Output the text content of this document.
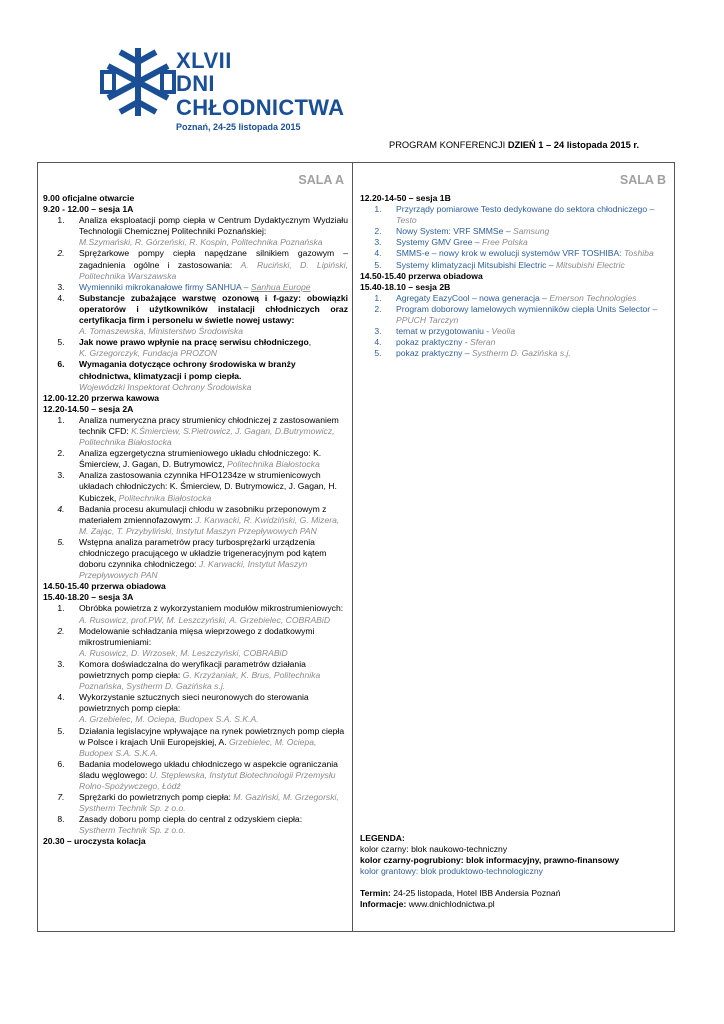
XLVII
DNI CHŁODNICTWA
Poznań, 24-25 listopada 2015
PROGRAM KONFERENCJI DZIEŃ 1 – 24 listopada 2015 r.
SALA A
9.00 oficjalne otwarcie
9.20 - 12.00 – sesja 1A
1.	Analiza eksploatacji pomp ciepła w Centrum Dydaktycznym Wydziału Technologii Chemicznej Politechniki Poznańskiej:
M.Szymański, R. Górzeński, R. Kospin, Politechnika Poznańska
2.	Sprężarkowe pompy ciepła napędzane silnikiem gazowym – zagadnienia ogólne i zastosowania: A. Ruciński, D. Lipiński, Politechnika Warszawska
3.	Wymienniki mikrokanałowe firmy SANHUA – Sanhua Europe
4.	Substancje zubażające warstwę ozonową i f-gazy: obowiązki operatorów i użytkowników instalacji chłodniczych oraz certyfikacja firm i personelu w świetle nowej ustawy:
A. Tomaszewska, Ministerstwo Środowiska
5.	Jak nowe prawo wpłynie na pracę serwisu chłodniczego,
K. Grzegorczyk, Fundacja PROZON
6.	Wymagania dotyczące ochrony środowiska w branży chłodnictwa, klimatyzacji i pomp ciepła.
Wojewódzki Inspektorat Ochrony Środowiska
12.00-12.20 przerwa kawowa
12.20-14.50 – sesja 2A
1.	Analiza numeryczna pracy strumienicy chłodniczej z zastosowaniem technik CFD: K.Śmierciew, S.Pietrowicz, J. Gagan, D.Butrymowicz, Politechnika Białostocka
2.	Analiza egzergetyczna strumieniowego układu chłodniczego: K. Śmierciew, J. Gagan, D. Butrymowicz, Politechnika Białostocka
3.	Analiza zastosowania czynnika HFO1234ze w strumienicowych układach chłodniczych: K. Śmierciew, D. Butrymowicz, J. Gagan, H. Kubiczek, Politechnika Białostocka
4.	Badania procesu akumulacji chłodu w zasobniku przeponowym z materiałem zmiennofazowym: J. Karwacki, R. Kwidziński, G. Mizera, M. Zając, T. Przybyliński, Instytut Maszyn Przepływowych PAN
5.	Wstępna analiza parametrów pracy turbosprężarki urządzenia chłodniczego pracującego w układzie trigeneracyjnym pod kątem doboru czynnika chłodniczego: J. Karwacki, Instytut Maszyn Przepływowych PAN
14.50-15.40 przerwa obiadowa
15.40-18.20 – sesja 3A
1.	Obróbka powietrza z wykorzystaniem modułów mikrostrumieniowych: A. Rusowicz, prof.PW, M. Leszczyński, A. Grzebielec, COBRABiD
2.	Modelowanie schładzania mięsa wieprzowego z dodatkowymi mikrostrumieniami:
A. Rusowicz, D. Wrzosek, M. Leszczyński, COBRABiD
3.	Komora doświadczalna do weryfikacji parametrów działania powietrznych pomp ciepła: G. Krzyżaniak, K. Brus, Politechnika Poznańska, Systherm D. Gazińska s.j.
4.	Wykorzystanie sztucznych sieci neuronowych do sterowania powietrznych pomp ciepła:
A. Grzebielec, M. Ociepa, Budopex S.A. S.K.A.
5.	Działania legislacyjne wpływające na rynek powietrznych pomp ciepła w Polsce i krajach Unii Europejskiej, A. Grzebielec, M. Ociepa, Budopex S.A. S.K.A.
6.	Badania modelowego układu chłodniczego w aspekcie ograniczania śladu węglowego: U. Stęplewska, Instytut Biotechnologii Przemysłu Rolno-Spożywczego, Łódź
7.	Sprężarki do powietrznych pomp ciepła: M. Gaziński, M. Grzegorski, Systherm Technik Sp. z o.o.
8.	Zasady doboru pomp ciepła do central z odzyskiem ciepła:
Systherm Technik Sp. z o.o.
20.30 – uroczysta kolacja
SALA B
12.20-14-50 – sesja 1B
1.	Przyrządy pomiarowe Testo dedykowane do sektora chłodniczego – Testo
2.	Nowy System: VRF SMMSe – Samsung
3.	Systemy GMV Gree – Free Polska
4.	SMMS-e – nowy krok w ewolucji systemów VRF TOSHIBA: Toshiba
5.	Systemy klimatyzacji Mitsubishi Electric – Mitsubishi Electric
14.50-15.40 przerwa obiadowa
15.40-18.10 – sesja 2B
1.	Agregaty EazyCool – nowa generacja – Emerson Technologies
2.	Program doborowy lamelowych wymienników ciepła Units Selector – PPUCH Tarczyn
3.	temat w przygotowaniu - Veolia
4.	pokaz praktyczny - Sferan
5.	pokaz praktyczny – Systherm D. Gazińska s.j.
LEGENDA:
kolor czarny: blok naukowo-techniczny
kolor czarny-pogrubiony: blok informacyjny, prawno-finansowy
kolor grantowy: blok produktowo-technologiczny
Termin: 24-25 listopada, Hotel IBB Andersia Poznań
Informacje: www.dnichlodnictwa.pl
